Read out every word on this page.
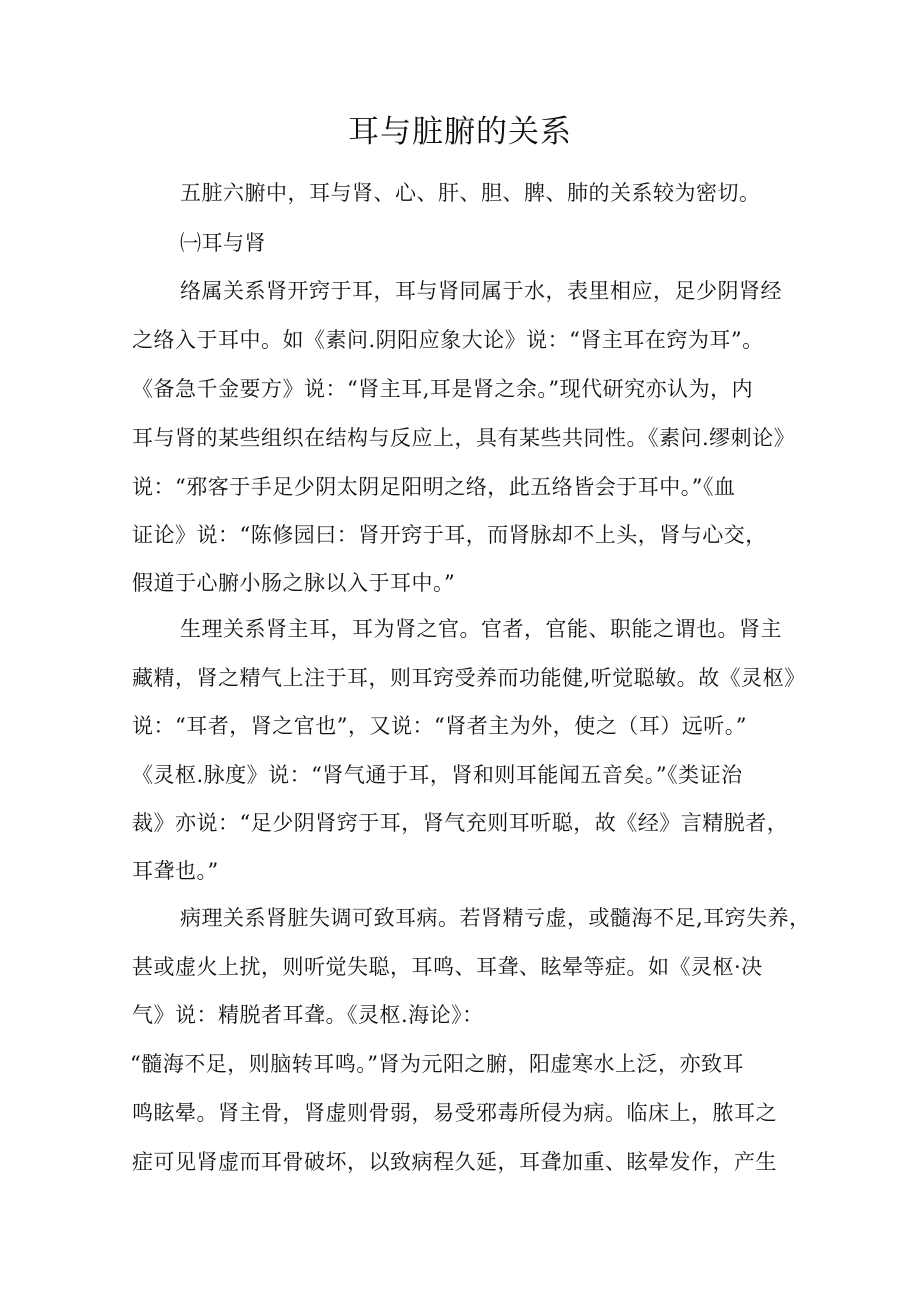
耳与脏腑的关系
五脏六腑中，耳与肾、心、肝、胆、脾、肺的关系较为密切。
㈠耳与肾
络属关系肾开窍于耳，耳与肾同属于水，表里相应，足少阴肾经
之络入于耳中。如《素问.阴阳应象大论》说：“肾主耳在窍为耳”。
《备急千金要方》说：“肾主耳,耳是肾之余。”现代研究亦认为，内
耳与肾的某些组织在结构与反应上，具有某些共同性。《素问.缪刺论》
说：“邪客于手足少阴太阴足阳明之络，此五络皆会于耳中。”《血
证论》说：“陈修园曰：肾开窍于耳，而肾脉却不上头，肾与心交，
假道于心腑小肠之脉以入于耳中。”
生理关系肾主耳，耳为肾之官。官者，官能、职能之谓也。肾主
藏精，肾之精气上注于耳，则耳窍受养而功能健,听觉聪敏。故《灵枢》
说：“耳者，肾之官也”，又说：“肾者主为外，使之（耳）远听。”
《灵枢.脉度》说：“肾气通于耳，肾和则耳能闻五音矣。”《类证治
裁》亦说：“足少阴肾窍于耳，肾气充则耳听聪，故《经》言精脱者，
耳聋也。”
病理关系肾脏失调可致耳病。若肾精亏虚，或髓海不足,耳窍失养，
甚或虚火上扰，则听觉失聪，耳鸣、耳聋、眩晕等症。如《灵枢·决
气》说：精脱者耳聋。《灵枢.海论》：
“髓海不足，则脑转耳鸣。”肾为元阳之腑，阳虚寒水上泛，亦致耳
鸣眩晕。肾主骨，肾虚则骨弱，易受邪毒所侵为病。临床上，脓耳之
症可见肾虚而耳骨破坏，以致病程久延，耳聋加重、眩晕发作，产生
